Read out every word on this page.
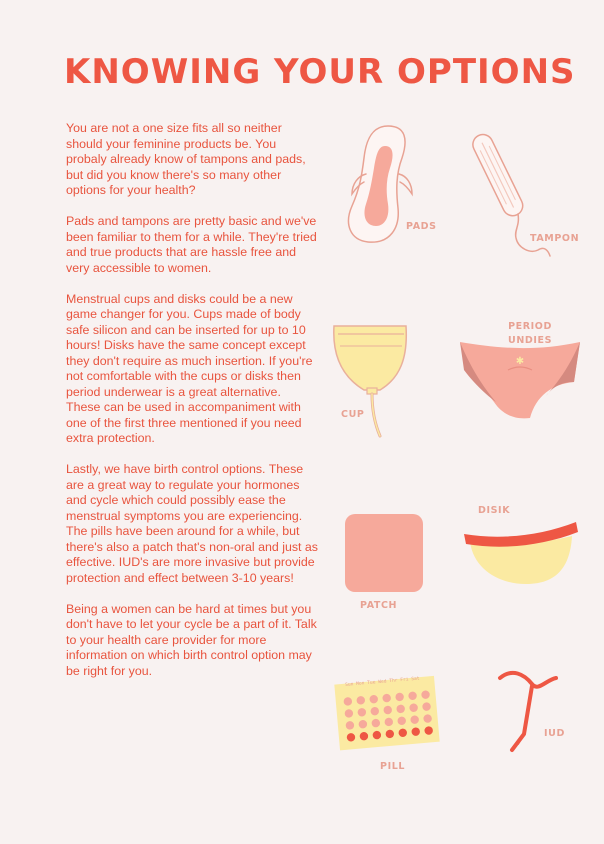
KNOWING YOUR OPTIONS

You are not a one size fits all so neither should your feminine products be. You probaly already know of tampons and pads, but did you know there's so many other options for your health?

Pads and tampons are pretty basic and we've been familiar to them for a while. They're tried and true products that are hassle free and very accessible to women.

Menstrual cups and disks could be a new game changer for you. Cups made of body safe silicon and can be inserted for up to 10 hours! Disks have the same concept except they don't require as much insertion. If you're not comfortable with the cups or disks then period underwear is a great alternative. These can be used in accompaniment with one of the first three mentioned if you need extra protection.

Lastly, we have birth control options. These are a great way to regulate your hormones and cycle which could possibly ease the menstrual symptoms you are experiencing. The pills have been around for a while, but there's also a patch that's non-oral and just as effective. IUD's are more invasive but provide protection and effect between 3-10 years!

Being a women can be hard at times but you don't have to let your cycle be a part of it. Talk to your health care provider for more information on which birth control option may be right for you.

PADS
TAMPON
CUP
PERIOD UNDIES
✱
PATCH
DISIK
Sun Mon Tue Wed Thr Fri Sat
PILL
IUD
